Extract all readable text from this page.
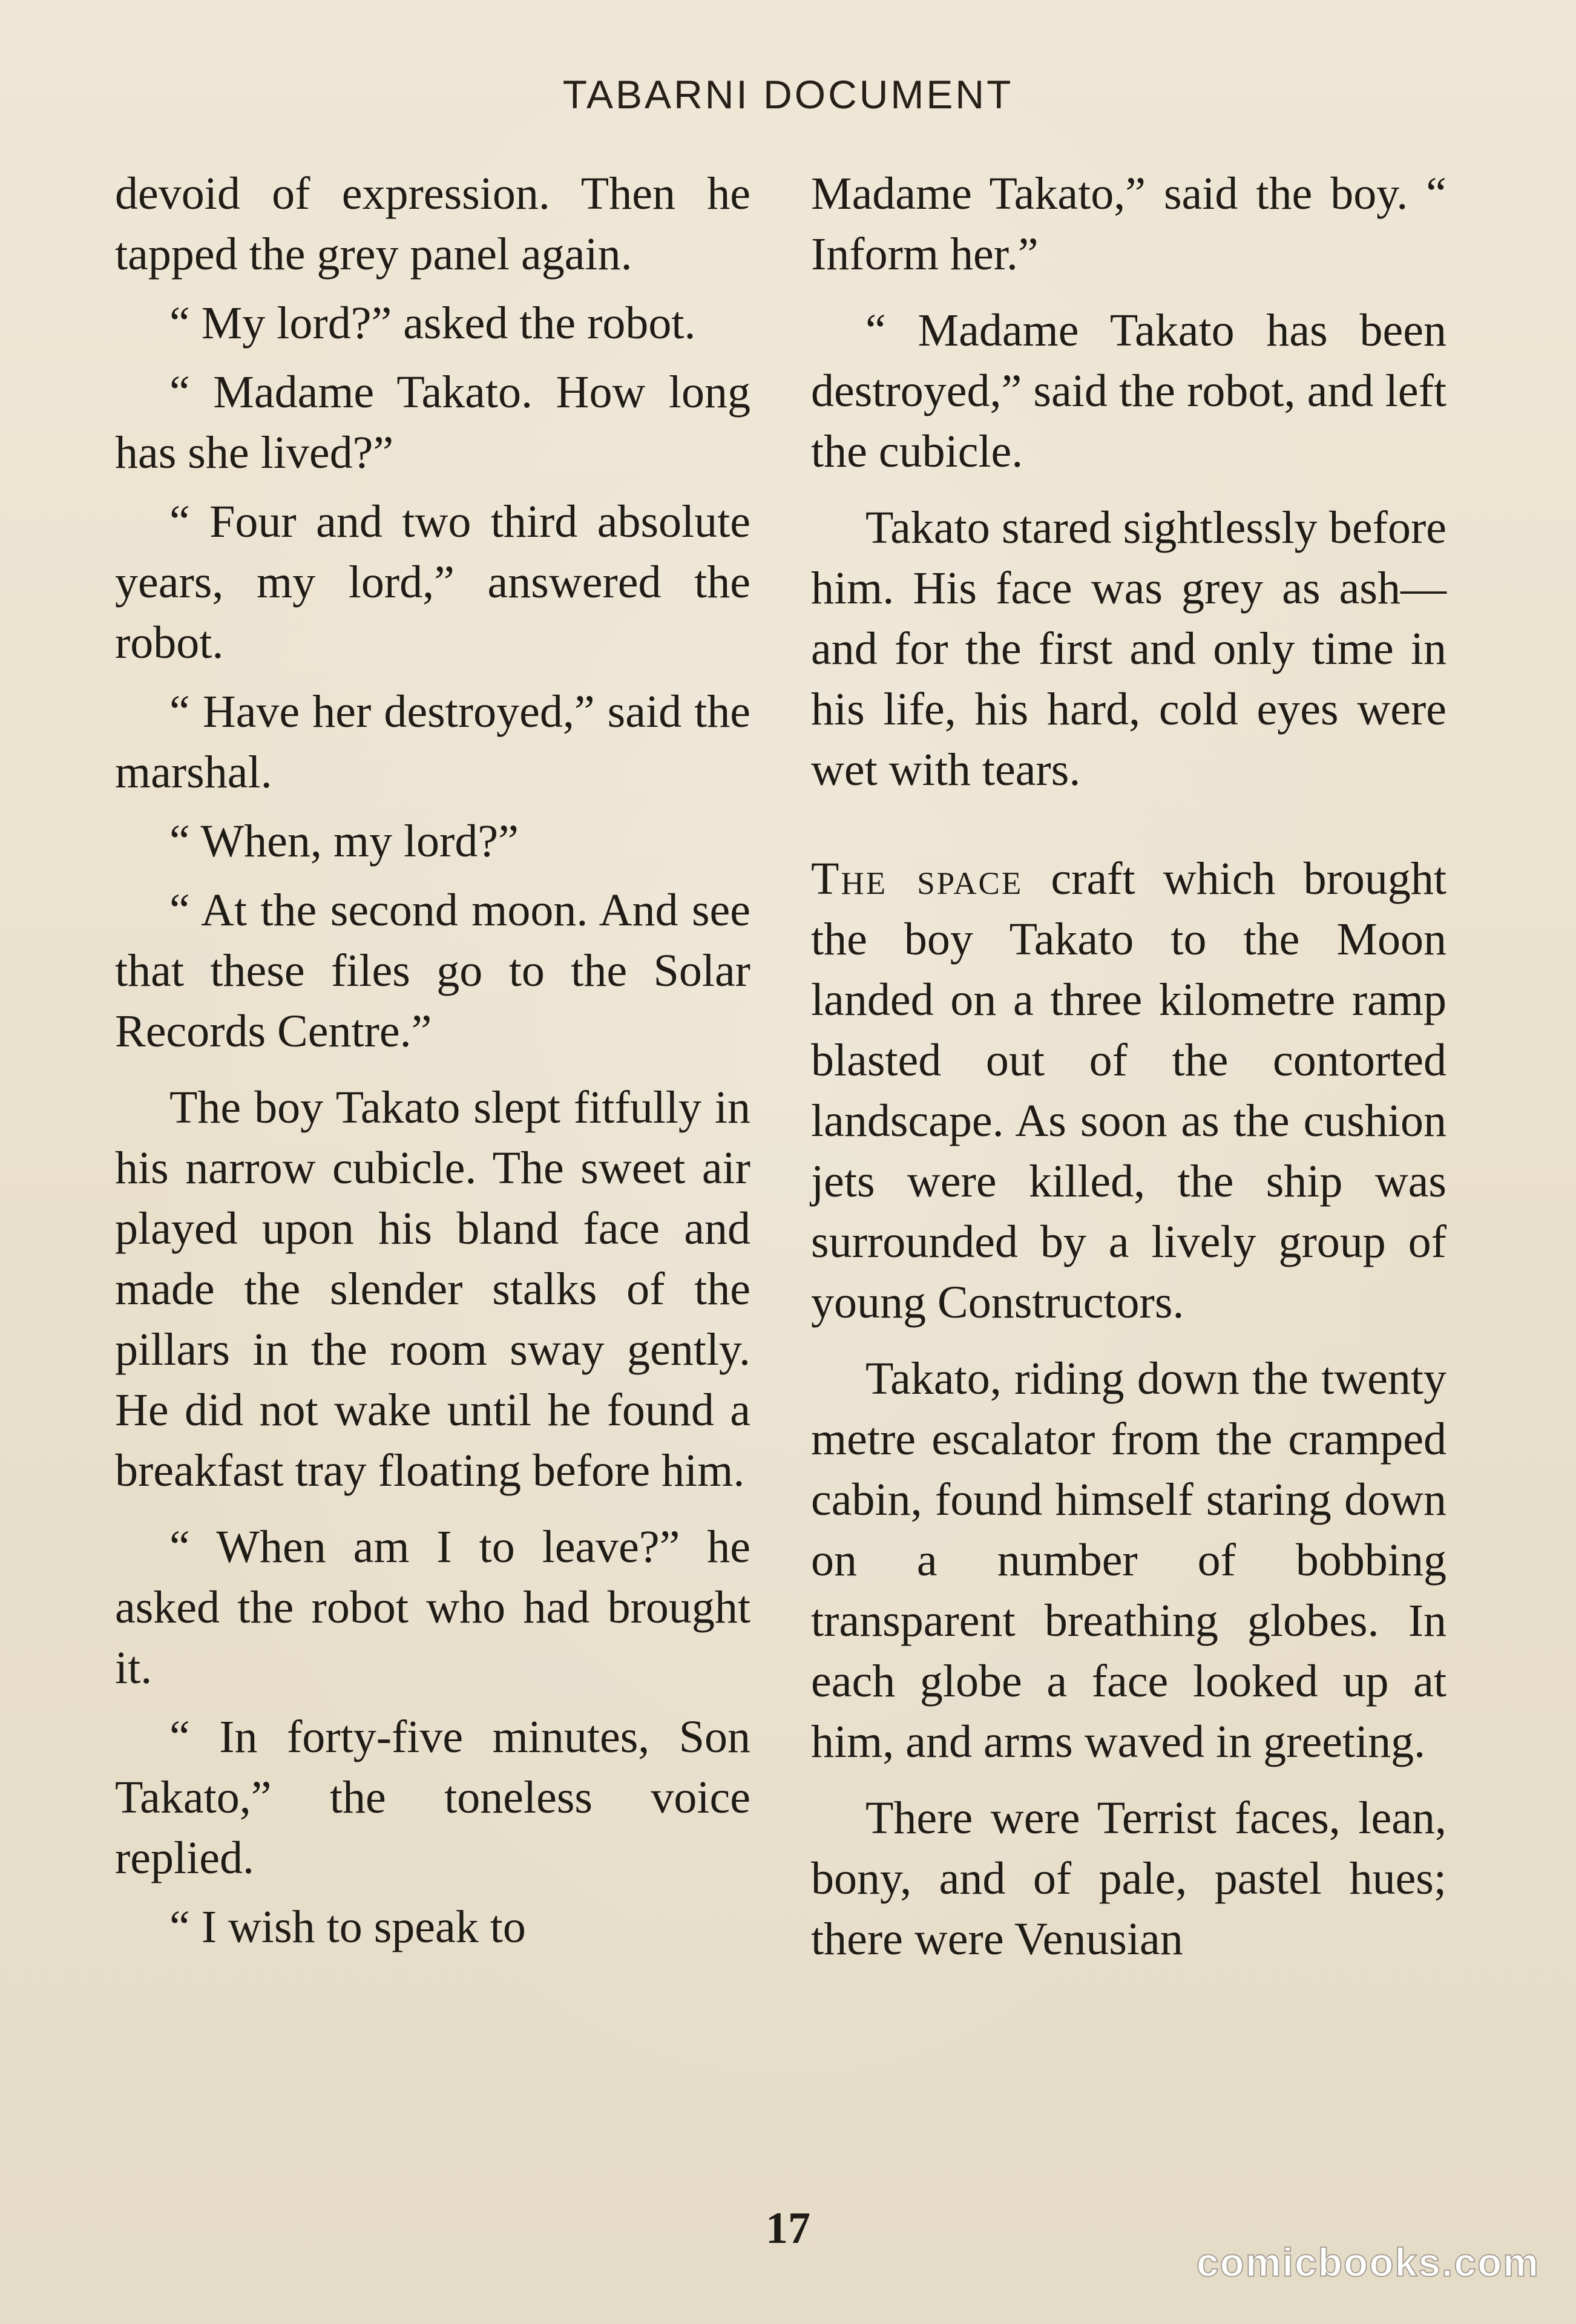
TABARNI DOCUMENT

devoid of expression. Then he tapped the grey panel again.

“ My lord?” asked the robot.

“ Madame Takato. How long has she lived?”

“ Four and two third absolute years, my lord,” answered the robot.

“ Have her destroyed,” said the marshal.

“ When, my lord?”

“ At the second moon. And see that these files go to the Solar Records Centre.”

The boy Takato slept fitfully in his narrow cubicle. The sweet air played upon his bland face and made the slender stalks of the pillars in the room sway gently. He did not wake until he found a breakfast tray floating before him.

“ When am I to leave?” he asked the robot who had brought it.

“ In forty-five minutes, Son Takato,” the toneless voice replied.

“ I wish to speak to

Madame Takato,” said the boy. “ Inform her.”

“ Madame Takato has been destroyed,” said the robot, and left the cubicle.

Takato stared sightlessly before him. His face was grey as ash—and for the first and only time in his life, his hard, cold eyes were wet with tears.

The space craft which brought the boy Takato to the Moon landed on a three kilometre ramp blasted out of the contorted landscape. As soon as the cushion jets were killed, the ship was surrounded by a lively group of young Constructors.

Takato, riding down the twenty metre escalator from the cramped cabin, found himself staring down on a number of bobbing transparent breathing globes. In each globe a face looked up at him, and arms waved in greeting.

There were Terrist faces, lean, bony, and of pale, pastel hues; there were Venusian

17
comicbooks.com
